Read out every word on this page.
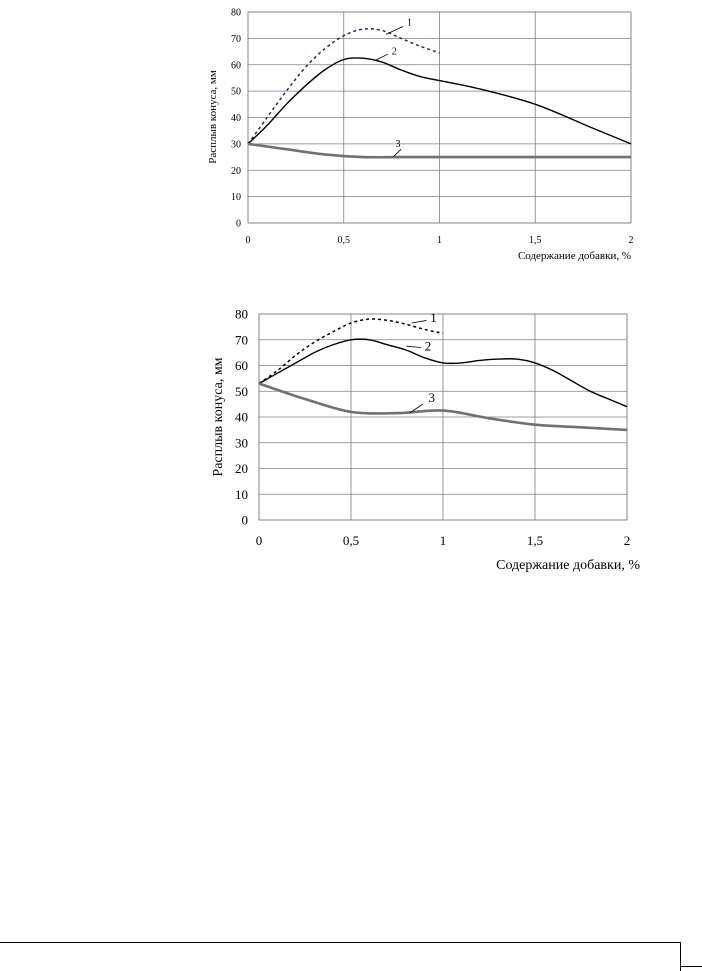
0
10
20
30
40
50
60
70
80
0	0,5	1	1,5	2
Содержание добавки, %
Расплыв конуса, мм
1
2
3
0
10
20
30
40
50
60
70
80
0	0,5	1	1,5	2
Содержание добавки, %
Расплыв конуса, мм
1
2
3
